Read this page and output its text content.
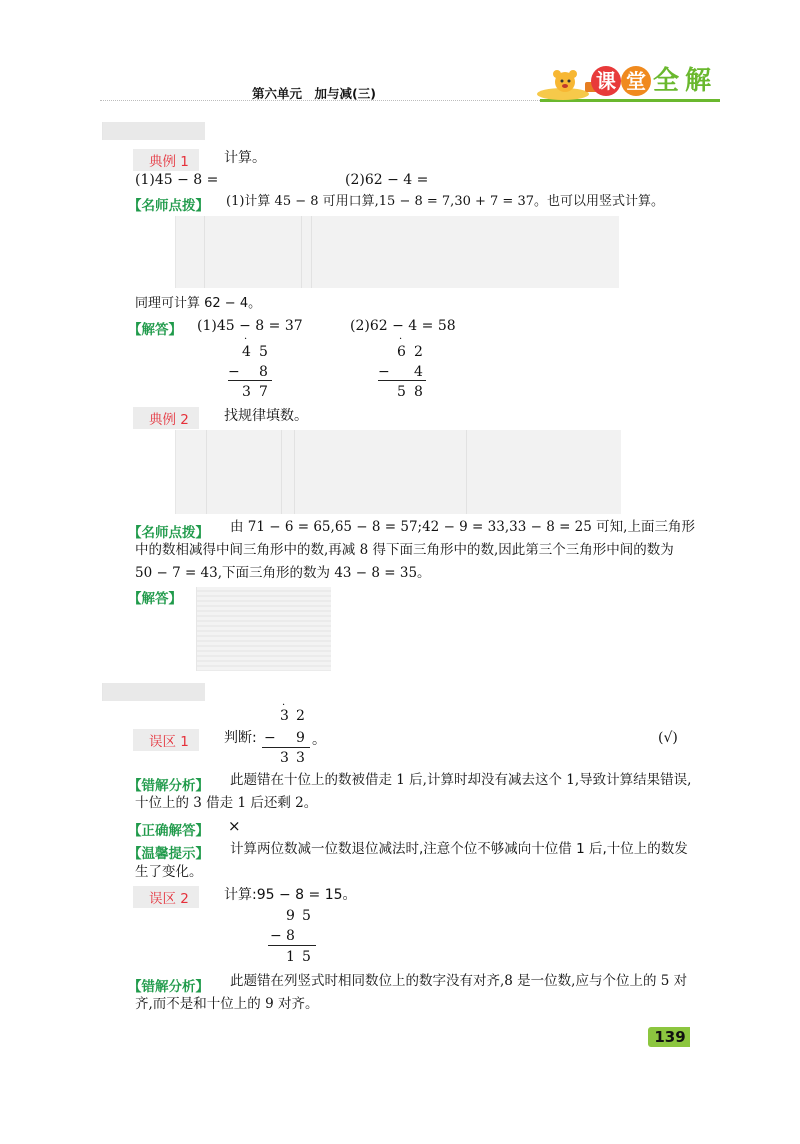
第六单元　加与减(三)
课 堂 全 解
典例 1	计算。
(1)45 − 8 =	(2)62 − 4 =
【名师点拨】 (1)计算 45 − 8 可用口算,15 − 8 = 7,30 + 7 = 37。也可以用竖式计算。
同理可计算 62 − 4。
【解答】 (1)45 − 8 = 37	(2)62 − 4 = 58
·
4 5
− 8
3 7
·
6 2
− 4
5 8
典例 2	找规律填数。
【名师点拨】	由 71 − 6 = 65,65 − 8 = 57;42 − 9 = 33,33 − 8 = 25 可知,上面三角形中的数相减得中间三角形中的数,再减 8 得下面三角形中的数,因此第三个三角形中间的数为 50 − 7 = 43,下面三角形的数为 43 − 8 = 35。
【解答】
误区 1	判断:
·
3 2
− 9
3 3
。	(√)
【错解分析】	此题错在十位上的数被借走 1 后,计算时却没有减去这个 1,导致计算结果错误,十位上的 3 借走 1 后还剩 2。
【正确解答】 ×
【温馨提示】	计算两位数减一位数退位减法时,注意个位不够减向十位借 1 后,十位上的数发生了变化。
误区 2	计算:95 − 8 = 15。
9 5
− 8
1 5
【错解分析】	此题错在列竖式时相同数位上的数字没有对齐,8 是一位数,应与个位上的 5 对齐,而不是和十位上的 9 对齐。
139
